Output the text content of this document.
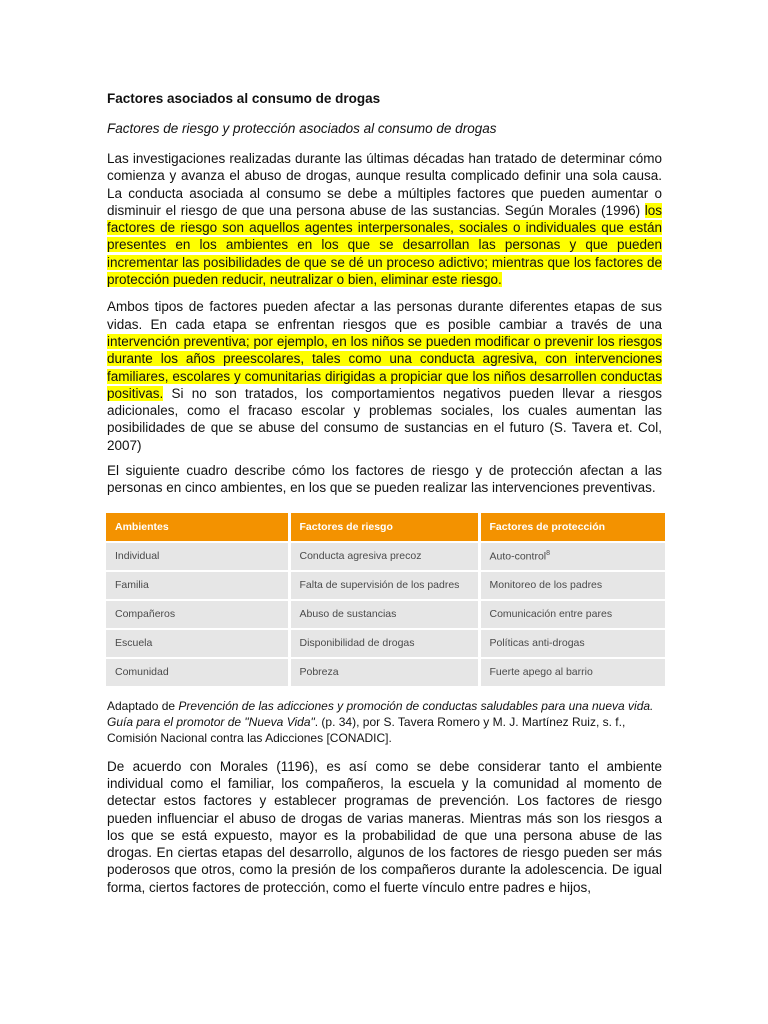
Factores asociados al consumo de drogas

Factores de riesgo y protección asociados al consumo de drogas

Las investigaciones realizadas durante las últimas décadas han tratado de determinar cómo comienza y avanza el abuso de drogas, aunque resulta complicado definir una sola causa. La conducta asociada al consumo se debe a múltiples factores que pueden aumentar o disminuir el riesgo de que una persona abuse de las sustancias. Según Morales (1996) los factores de riesgo son aquellos agentes interpersonales, sociales o individuales que están presentes en los ambientes en los que se desarrollan las personas y que pueden incrementar las posibilidades de que se dé un proceso adictivo; mientras que los factores de protección pueden reducir, neutralizar o bien, eliminar este riesgo.

Ambos tipos de factores pueden afectar a las personas durante diferentes etapas de sus vidas. En cada etapa se enfrentan riesgos que es posible cambiar a través de una intervención preventiva; por ejemplo, en los niños se pueden modificar o prevenir los riesgos durante los años preescolares, tales como una conducta agresiva, con intervenciones familiares, escolares y comunitarias dirigidas a propiciar que los niños desarrollen conductas positivas. Si no son tratados, los comportamientos negativos pueden llevar a riesgos adicionales, como el fracaso escolar y problemas sociales, los cuales aumentan las posibilidades de que se abuse del consumo de sustancias en el futuro (S. Tavera et. Col, 2007)

El siguiente cuadro describe cómo los factores de riesgo y de protección afectan a las personas en cinco ambientes, en los que se pueden realizar las intervenciones preventivas.

Ambientes	Factores de riesgo	Factores de protección
Individual	Conducta agresiva precoz	Auto-control$^8$
Familia	Falta de supervisión de los padres	Monitoreo de los padres
Compañeros	Abuso de sustancias	Comunicación entre pares
Escuela	Disponibilidad de drogas	Políticas anti-drogas
Comunidad	Pobreza	Fuerte apego al barrio

Adaptado de Prevención de las adicciones y promoción de conductas saludables para una nueva vida. Guía para el promotor de "Nueva Vida". (p. 34), por S. Tavera Romero y M. J. Martínez Ruiz, s. f., Comisión Nacional contra las Adicciones [CONADIC].

De acuerdo con Morales (1196), es así como se debe considerar tanto el ambiente individual como el familiar, los compañeros, la escuela y la comunidad al momento de detectar estos factores y establecer programas de prevención. Los factores de riesgo pueden influenciar el abuso de drogas de varias maneras. Mientras más son los riesgos a los que se está expuesto, mayor es la probabilidad de que una persona abuse de las drogas. En ciertas etapas del desarrollo, algunos de los factores de riesgo pueden ser más poderosos que otros, como la presión de los compañeros durante la adolescencia. De igual forma, ciertos factores de protección, como el fuerte vínculo entre padres e hijos,
